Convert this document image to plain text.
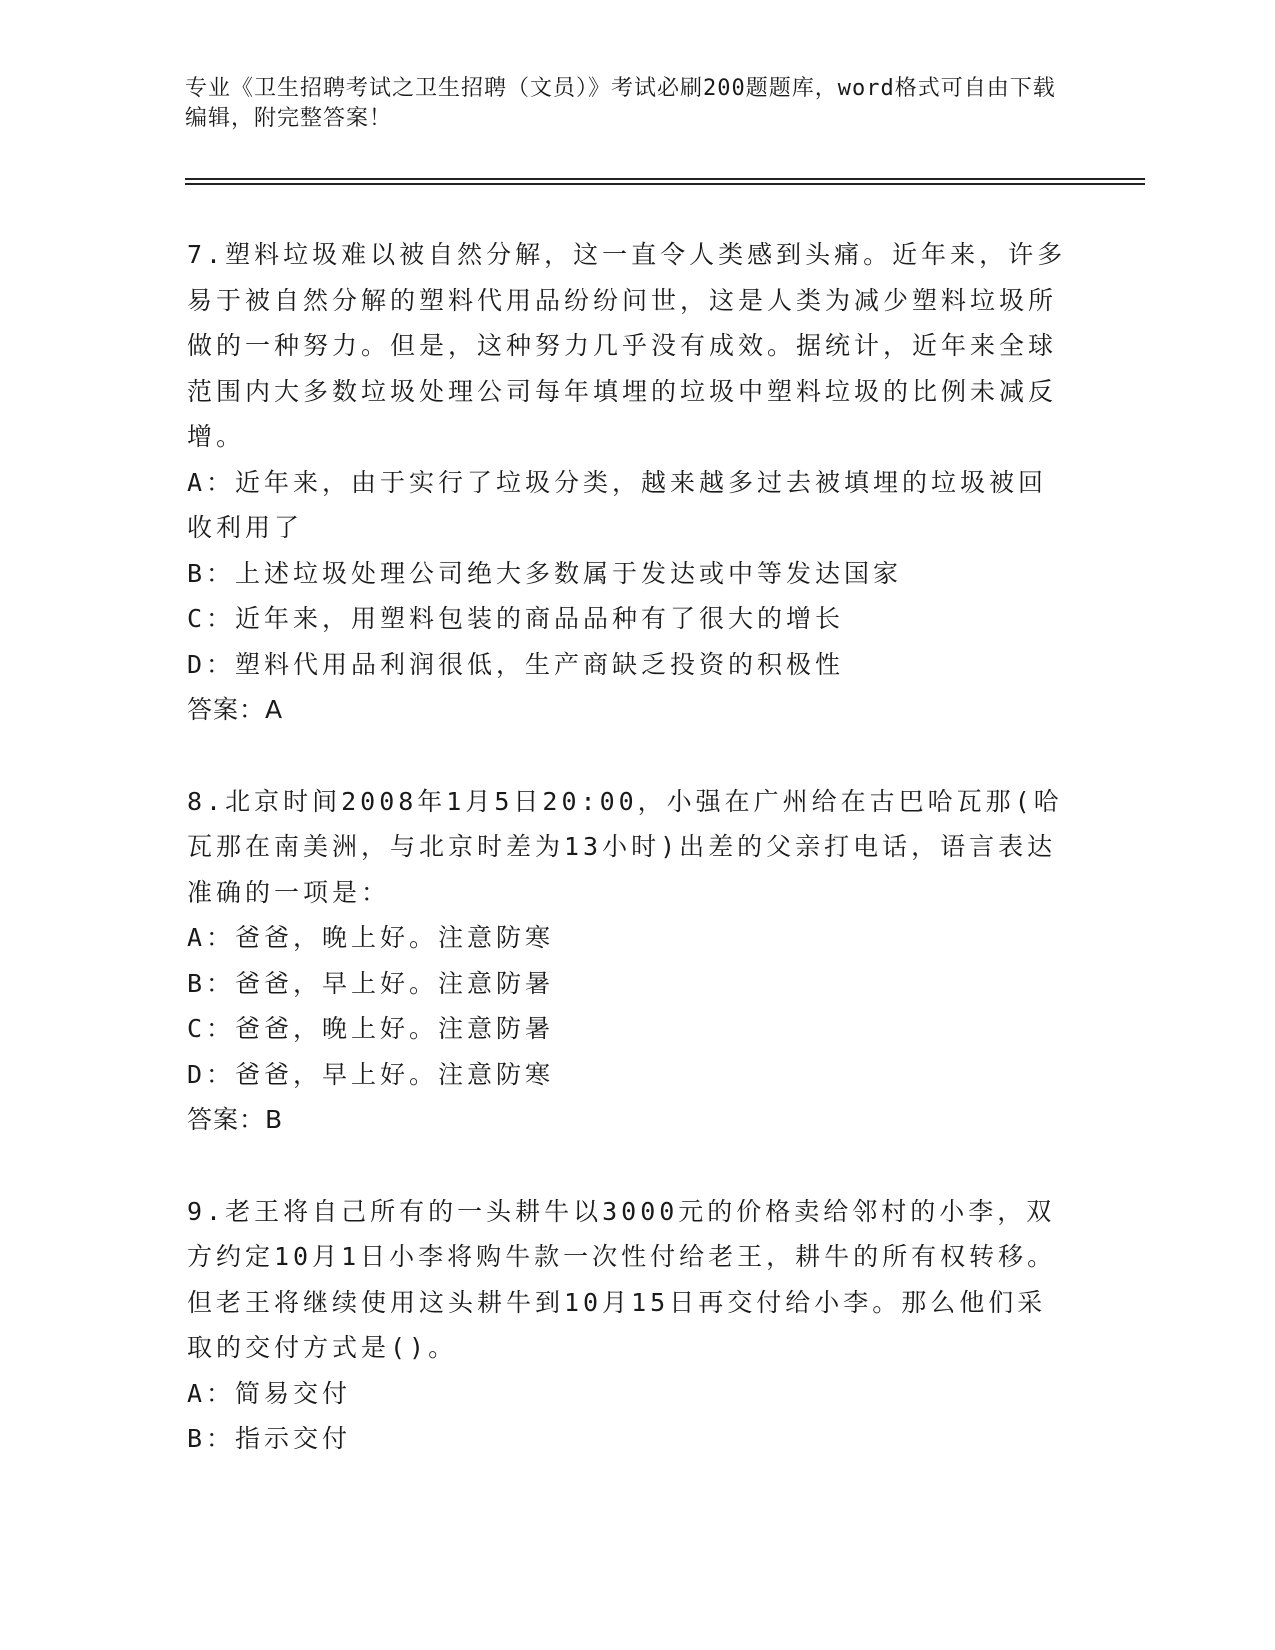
专业《卫生招聘考试之卫生招聘（文员）》考试必刷200题题库，word格式可自由下载编辑，附完整答案！

7.塑料垃圾难以被自然分解，这一直令人类感到头痛。近年来，许多易于被自然分解的塑料代用品纷纷问世，这是人类为减少塑料垃圾所做的一种努力。但是，这种努力几乎没有成效。据统计，近年来全球范围内大多数垃圾处理公司每年填埋的垃圾中塑料垃圾的比例未减反增。

A：近年来，由于实行了垃圾分类，越来越多过去被填埋的垃圾被回收利用了

B：上述垃圾处理公司绝大多数属于发达或中等发达国家

C：近年来，用塑料包装的商品品种有了很大的增长

D：塑料代用品利润很低，生产商缺乏投资的积极性

答案：A

8.北京时间2008年1月5日20:00，小强在广州给在古巴哈瓦那(哈瓦那在南美洲，与北京时差为13小时)出差的父亲打电话，语言表达准确的一项是：

A：爸爸，晚上好。注意防寒

B：爸爸，早上好。注意防暑

C：爸爸，晚上好。注意防暑

D：爸爸，早上好。注意防寒

答案：B

9.老王将自己所有的一头耕牛以3000元的价格卖给邻村的小李，双方约定10月1日小李将购牛款一次性付给老王，耕牛的所有权转移。但老王将继续使用这头耕牛到10月15日再交付给小李。那么他们采取的交付方式是()。

A：简易交付

B：指示交付
